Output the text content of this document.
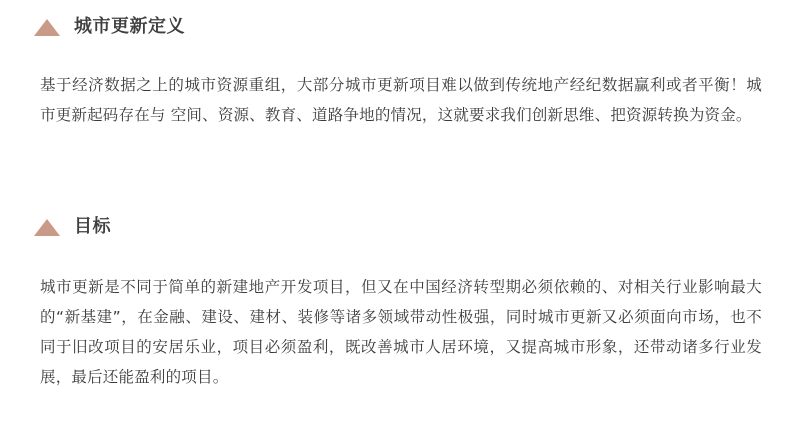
城市更新定义
基于经济数据之上的城市资源重组，大部分城市更新项目难以做到传统地产经纪数据赢利或者平衡！城市更新起码存在与 空间、资源、教育、道路争地的情况，这就要求我们创新思维、把资源转换为资金。
目标
城市更新是不同于简单的新建地产开发项目，但又在中国经济转型期必须依赖的、对相关行业影响最大的“新基建”，在金融、建设、建材、装修等诸多领域带动性极强，同时城市更新又必须面向市场，也不同于旧改项目的安居乐业，项目必须盈利，既改善城市人居环境，又提高城市形象，还带动诸多行业发展，最后还能盈利的项目。
